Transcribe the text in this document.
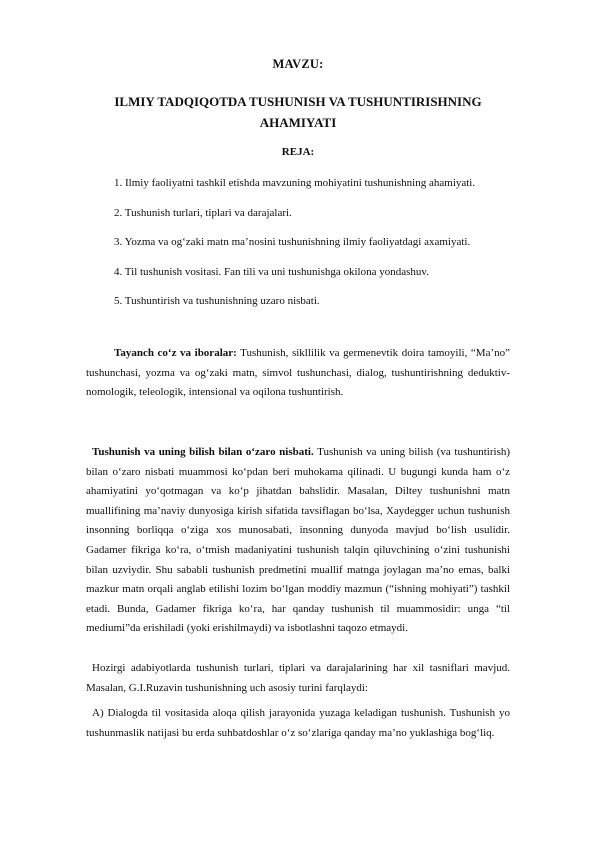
MAVZU:
ILMIY TADQIQOTDA TUSHUNISH VA TUSHUNTIRISHNING AHAMIYATI
REJA:
1. Ilmiy faoliyatni tashkil etishda mavzuning mohiyatini tushunishning ahamiyati.
2. Tushunish turlari, tiplari va darajalari.
3. Yozma va og‘zaki matn ma’nosini tushunishning ilmiy faoliyatdagi axamiyati.
4. Til tushunish vositasi. Fan tili va uni tushunishga okilona yondashuv.
5. Tushuntirish va tushunishning uzaro nisbati.

Tayanch co‘z va iboralar: Tushunish, sikllilik va germenevtik doira tamoyili, “Ma’no” tushunchasi, yozma va og‘zaki matn, simvol tushunchasi, dialog, tushuntirishning deduktiv-nomologik, teleologik, intensional va oqilona tushuntirish.

Tushunish va uning bilish bilan o‘zaro nisbati. Tushunish va uning bilish (va tushuntirish) bilan o‘zaro nisbati muammosi ko‘pdan beri muhokama qilinadi. U bugungi kunda ham o‘z ahamiyatini yo‘qotmagan va ko‘p jihatdan bahslidir. Masalan, Diltey tushunishni matn muallifining ma’naviy dunyosiga kirish sifatida tavsiflagan bo‘lsa, Xaydegger uchun tushunish insonning borliqqa o‘ziga xos munosabati, insonning dunyoda mavjud bo‘lish usulidir. Gadamer fikriga ko‘ra, o‘tmish madaniyatini tushunish talqin qiluvchining o‘zini tushunishi bilan uzviydir. Shu sababli tushunish predmetini muallif matnga joylagan ma’no emas, balki mazkur matn orqali anglab etilishi lozim bo‘lgan moddiy mazmun (“ishning mohiyati”) tashkil etadi. Bunda, Gadamer fikriga ko‘ra, har qanday tushunish til muammosidir: unga “til mediumi”da erishiladi (yoki erishilmaydi) va isbotlashni taqozo etmaydi.

Hozirgi adabiyotlarda tushunish turlari, tiplari va darajalarining har xil tasniflari mavjud. Masalan, G.I.Ruzavin tushunishning uch asosiy turini farqlaydi:

A) Dialogda til vositasida aloqa qilish jarayonida yuzaga keladigan tushunish. Tushunish yo tushunmaslik natijasi bu erda suhbatdoshlar o‘z so‘zlariga qanday ma’no yuklashiga bog‘liq.
